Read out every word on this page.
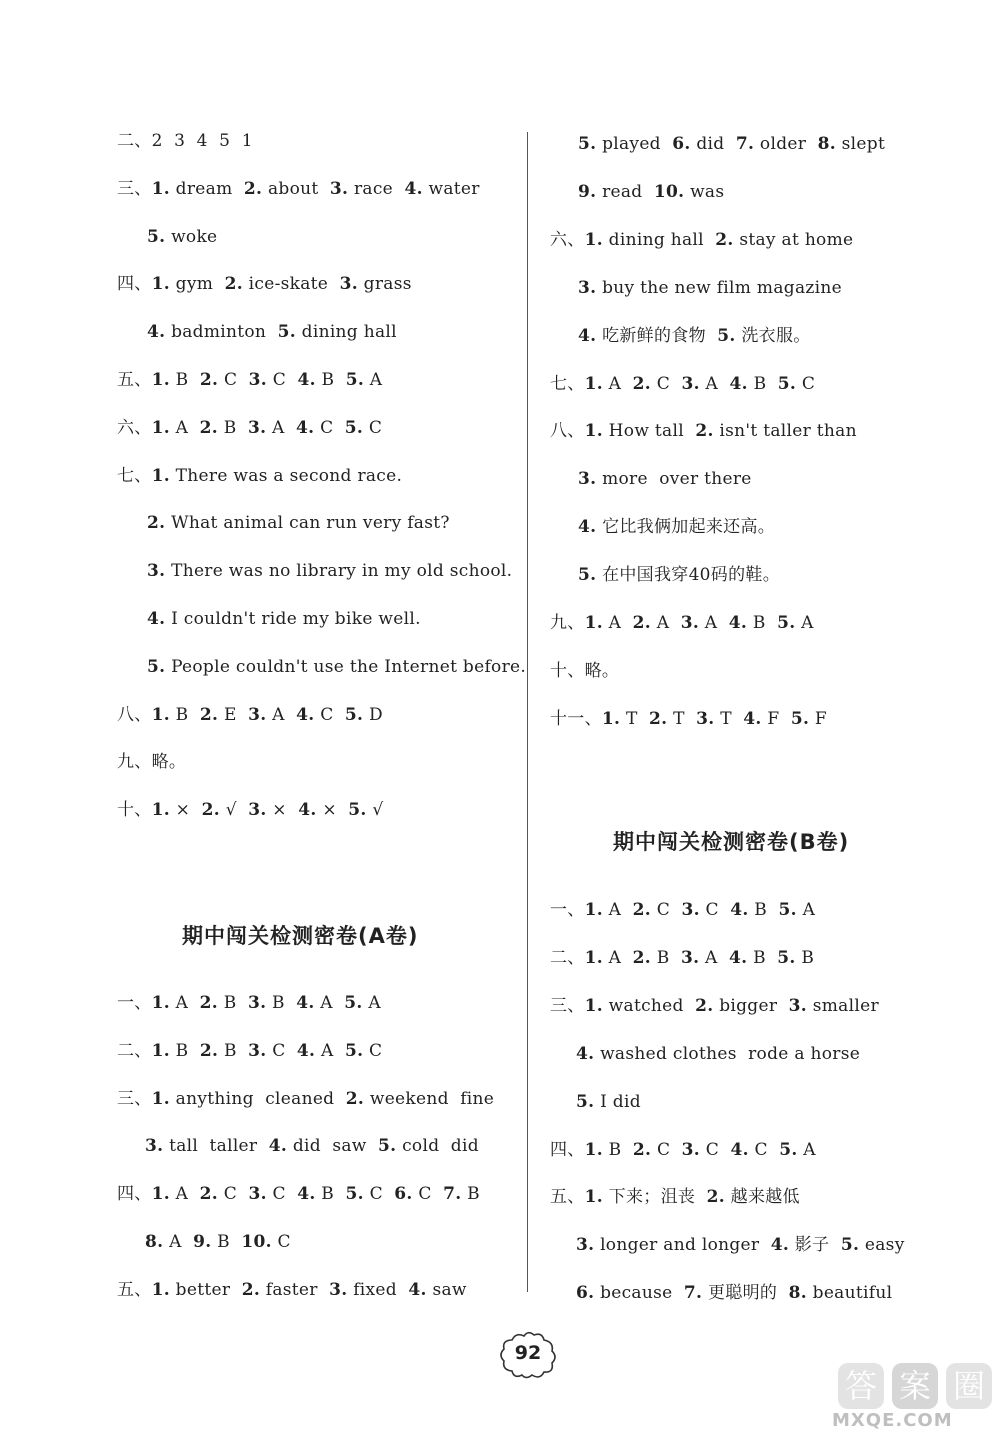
二、2  3  4  5  1
三、1. dream  2. about  3. race  4. water
5. woke
四、1. gym  2. ice-skate  3. grass
4. badminton  5. dining hall
五、1. B  2. C  3. C  4. B  5. A
六、1. A  2. B  3. A  4. C  5. C
七、1. There was a second race.
2. What animal can run very fast?
3. There was no library in my old school.
4. I couldn't ride my bike well.
5. People couldn't use the Internet before.
八、1. B  2. E  3. A  4. C  5. D
九、略。
十、1. ×  2. √  3. ×  4. ×  5. √
期中闯关检测密卷(A卷)
一、1. A  2. B  3. B  4. A  5. A
二、1. B  2. B  3. C  4. A  5. C
三、1. anything  cleaned  2. weekend  fine
3. tall  taller  4. did  saw  5. cold  did
四、1. A  2. C  3. C  4. B  5. C  6. C  7. B
8. A  9. B  10. C
五、1. better  2. faster  3. fixed  4. saw
5. played  6. did  7. older  8. slept
9. read  10. was
六、1. dining hall  2. stay at home
3. buy the new film magazine
4. 吃新鲜的食物  5. 洗衣服。
七、1. A  2. C  3. A  4. B  5. C
八、1. How tall  2. isn't taller than
3. more  over there
4. 它比我俩加起来还高。
5. 在中国我穿40码的鞋。
九、1. A  2. A  3. A  4. B  5. A
十、略。
十一、1. T  2. T  3. T  4. F  5. F
期中闯关检测密卷(B卷)
一、1. A  2. C  3. C  4. B  5. A
二、1. A  2. B  3. A  4. B  5. B
三、1. watched  2. bigger  3. smaller
4. washed clothes  rode a horse
5. I did
四、1. B  2. C  3. C  4. C  5. A
五、1. 下来；沮丧  2. 越来越低
3. longer and longer  4. 影子  5. easy
6. because  7. 更聪明的  8. beautiful
92
答 案 圈
MXQE.COM
